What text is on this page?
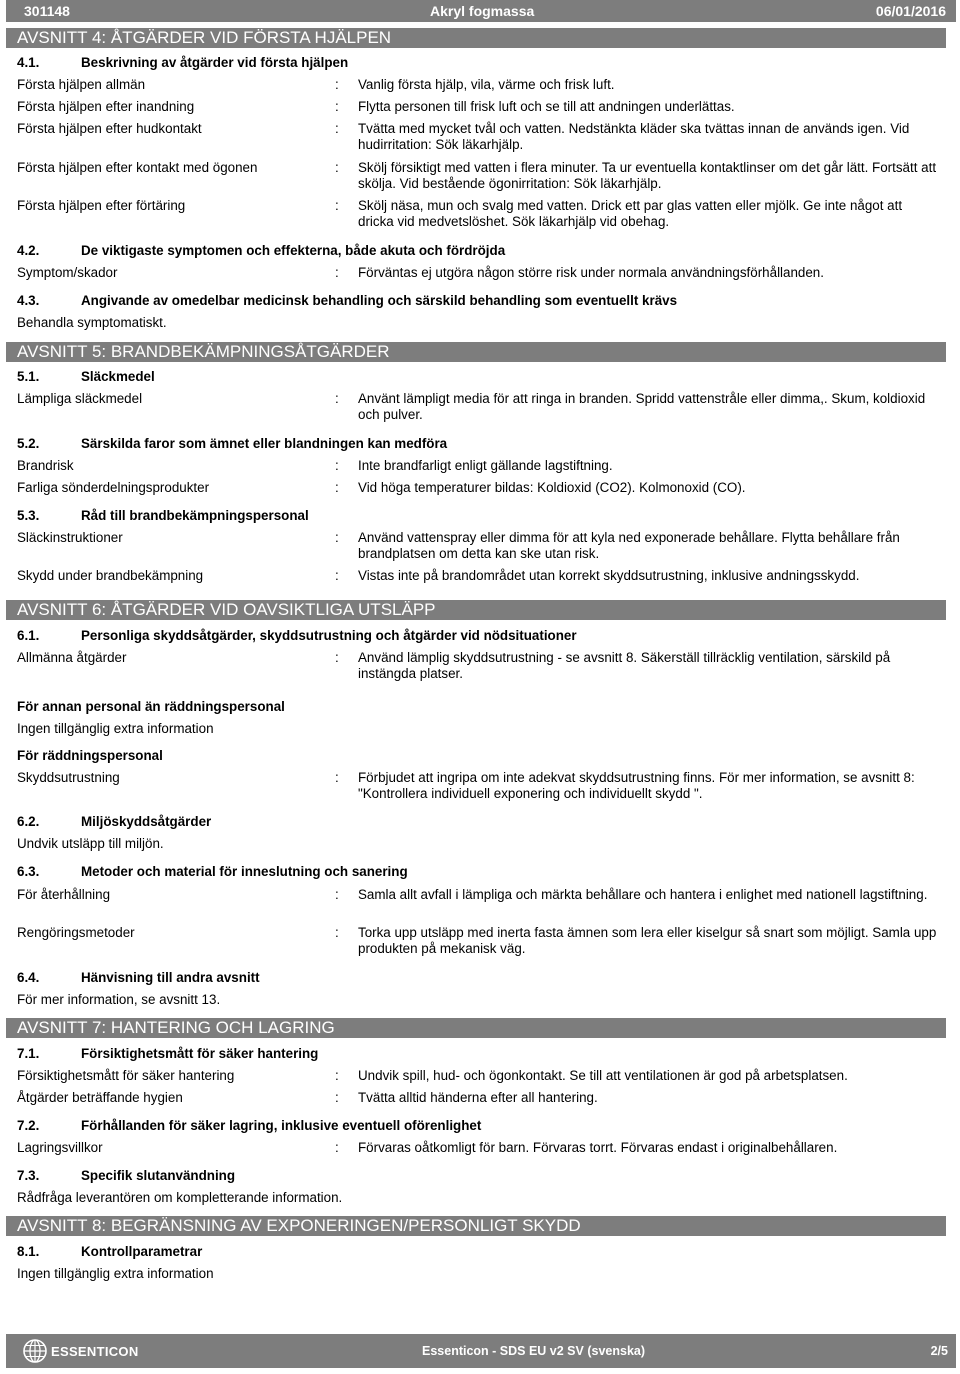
301148	Akryl fogmassa	06/01/2016
AVSNITT 4: ÅTGÄRDER VID FÖRSTA HJÄLPEN
4.1.	Beskrivning av åtgärder vid första hjälpen
Första hjälpen allmän	: Vanlig första hjälp, vila, värme och frisk luft.
Första hjälpen efter inandning	: Flytta personen till frisk luft och se till att andningen underlättas.
Första hjälpen efter hudkontakt	: Tvätta med mycket tvål och vatten. Nedstänkta kläder ska tvättas innan de används igen. Vid hudirritation: Sök läkarhjälp.
Första hjälpen efter kontakt med ögonen	: Skölj försiktigt med vatten i flera minuter. Ta ur eventuella kontaktlinser om det går lätt. Fortsätt att skölja. Vid bestående ögonirritation: Sök läkarhjälp.
Första hjälpen efter förtäring	: Skölj näsa, mun och svalg med vatten. Drick ett par glas vatten eller mjölk. Ge inte något att dricka vid medvetslöshet. Sök läkarhjälp vid obehag.
4.2.	De viktigaste symptomen och effekterna, både akuta och fördröjda
Symptom/skador	: Förväntas ej utgöra någon större risk under normala användningsförhållanden.
4.3.	Angivande av omedelbar medicinsk behandling och särskild behandling som eventuellt krävs
Behandla symptomatiskt.
AVSNITT 5: BRANDBEKÄMPNINGSÅTGÄRDER
5.1.	Släckmedel
Lämpliga släckmedel	: Använt lämpligt media för att ringa in branden. Spridd vattenstråle eller dimma,. Skum, koldioxid och pulver.
5.2.	Särskilda faror som ämnet eller blandningen kan medföra
Brandrisk	: Inte brandfarligt enligt gällande lagstiftning.
Farliga sönderdelningsprodukter	: Vid höga temperaturer bildas: Koldioxid (CO2). Kolmonoxid (CO).
5.3.	Råd till brandbekämpningspersonal
Släckinstruktioner	: Använd vattenspray eller dimma för att kyla ned exponerade behållare. Flytta behållare från brandplatsen om detta kan ske utan risk.
Skydd under brandbekämpning	: Vistas inte på brandområdet utan korrekt skyddsutrustning, inklusive andningsskydd.
AVSNITT 6: ÅTGÄRDER VID OAVSIKTLIGA UTSLÄPP
6.1.	Personliga skyddsåtgärder, skyddsutrustning och åtgärder vid nödsituationer
Allmänna åtgärder	: Använd lämplig skyddsutrustning - se avsnitt 8. Säkerställ tillräcklig ventilation, särskild på instängda platser.
För annan personal än räddningspersonal
Ingen tillgänglig extra information
För räddningspersonal
Skyddsutrustning	: Förbjudet att ingripa om inte adekvat skyddsutrustning finns. För mer information, se avsnitt 8: "Kontrollera individuell exponering och individuellt skydd ".
6.2.	Miljöskyddsåtgärder
Undvik utsläpp till miljön.
6.3.	Metoder och material för inneslutning och sanering
För återhållning	: Samla allt avfall i lämpliga och märkta behållare och hantera i enlighet med nationell lagstiftning.
Rengöringsmetoder	: Torka upp utsläpp med inerta fasta ämnen som lera eller kiselgur så snart som möjligt. Samla upp produkten på mekanisk väg.
6.4.	Hänvisning till andra avsnitt
För mer information, se avsnitt 13.
AVSNITT 7: HANTERING OCH LAGRING
7.1.	Försiktighetsmått för säker hantering
Försiktighetsmått för säker hantering	: Undvik spill, hud- och ögonkontakt. Se till att ventilationen är god på arbetsplatsen.
Åtgärder beträffande hygien	: Tvätta alltid händerna efter all hantering.
7.2.	Förhållanden för säker lagring, inklusive eventuell oförenlighet
Lagringsvillkor	: Förvaras oåtkomligt för barn. Förvaras torrt. Förvaras endast i originalbehållaren.
7.3.	Specifik slutanvändning
Rådfråga leverantören om kompletterande information.
AVSNITT 8: BEGRÄNSNING AV EXPONERINGEN/PERSONLIGT SKYDD
8.1.	Kontrollparametrar
Ingen tillgänglig extra information
ESSENTICON	Essenticon - SDS EU v2 SV (svenska)	2/5
